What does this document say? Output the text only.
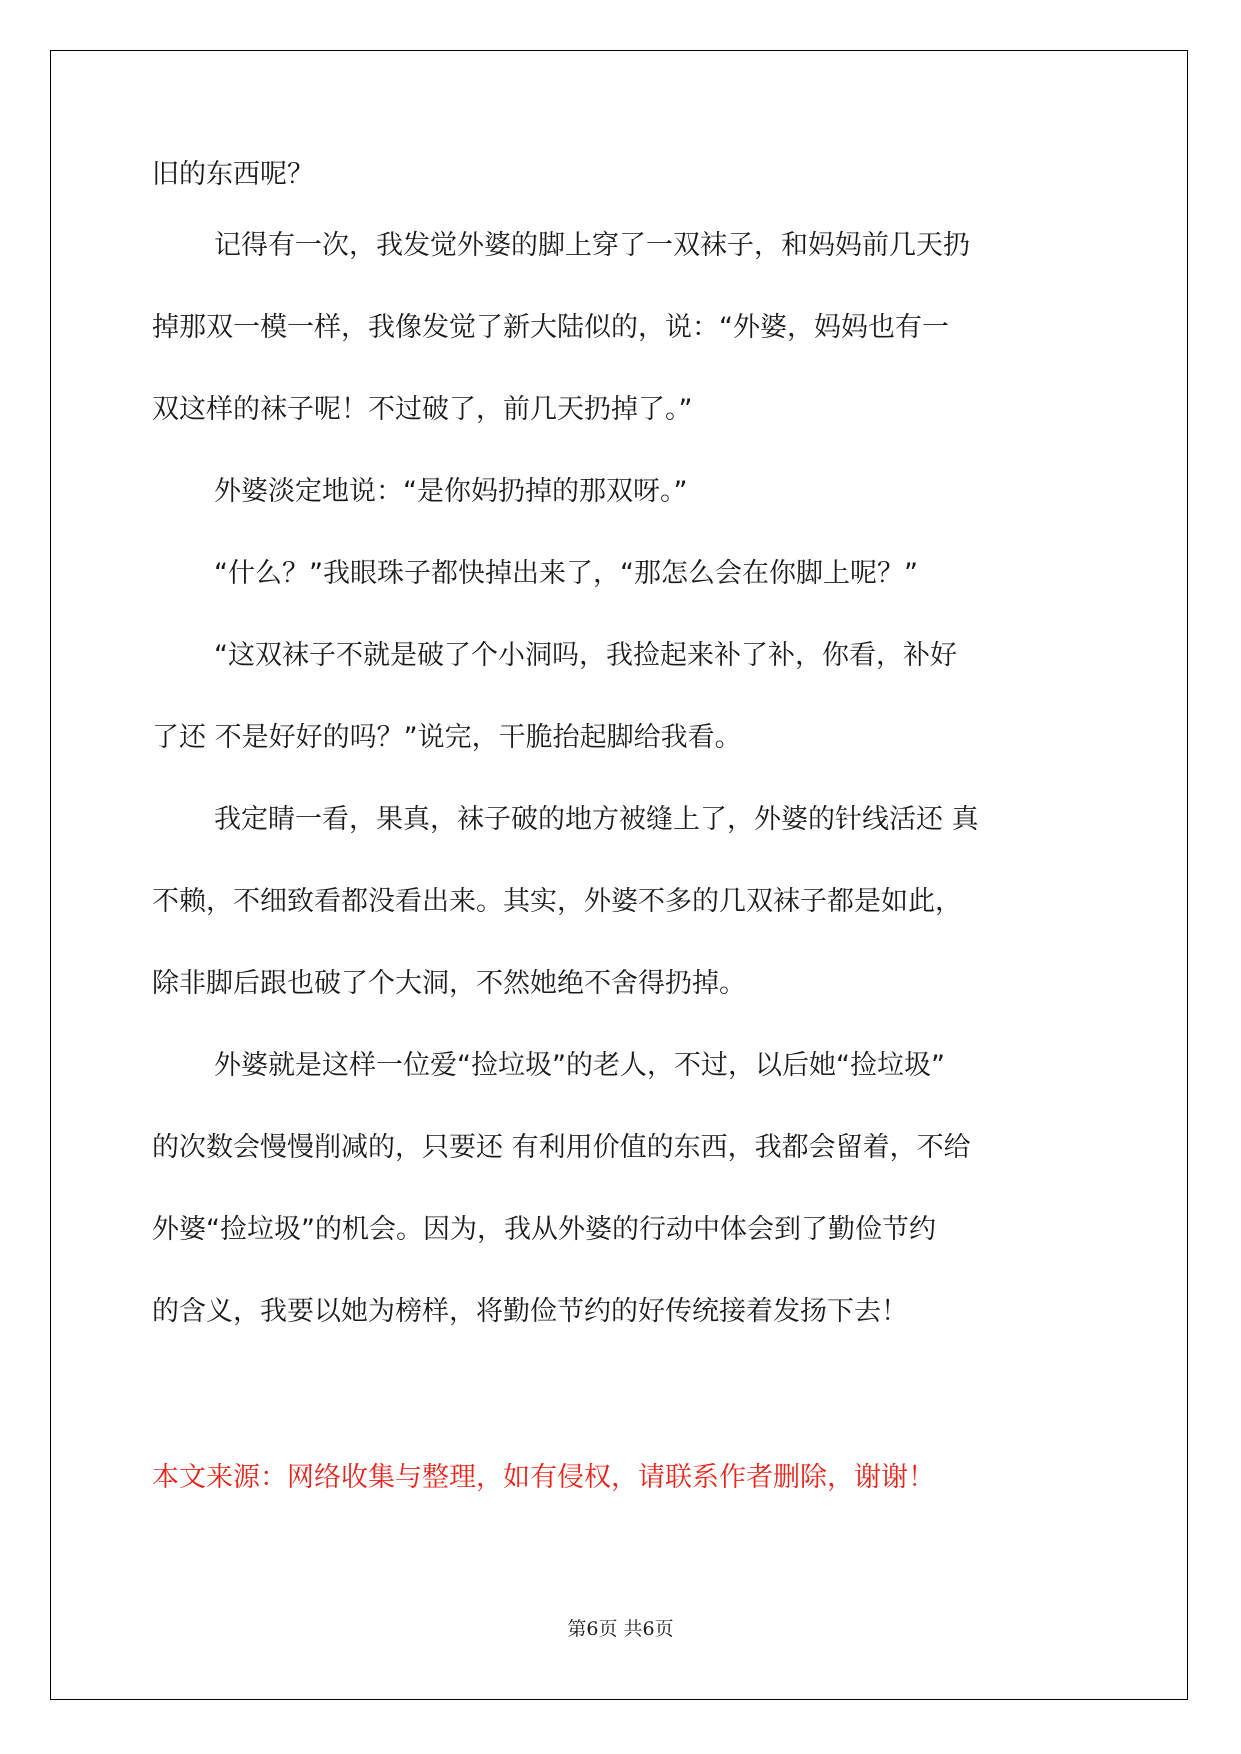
旧的东西呢？

记得有一次，我发觉外婆的脚上穿了一双袜子，和妈妈前几天扔

掉那双一模一样，我像发觉了新大陆似的，说：“外婆，妈妈也有一

双这样的袜子呢！不过破了，前几天扔掉了。”

外婆淡定地说：“是你妈扔掉的那双呀。”

“什么？”我眼珠子都快掉出来了，“那怎么会在你脚上呢？”

“这双袜子不就是破了个小洞吗，我捡起来补了补，你看，补好

了还 不是好好的吗？”说完，干脆抬起脚给我看。

我定睛一看，果真，袜子破的地方被缝上了，外婆的针线活还 真

不赖，不细致看都没看出来。其实，外婆不多的几双袜子都是如此，

除非脚后跟也破了个大洞，不然她绝不舍得扔掉。

外婆就是这样一位爱“捡垃圾”的老人，不过，以后她“捡垃圾”

的次数会慢慢削减的，只要还 有利用价值的东西，我都会留着，不给

外婆“捡垃圾”的机会。因为，我从外婆的行动中体会到了勤俭节约

的含义，我要以她为榜样，将勤俭节约的好传统接着发扬下去！

本文来源：网络收集与整理，如有侵权，请联系作者删除，谢谢！

第6页 共6页
